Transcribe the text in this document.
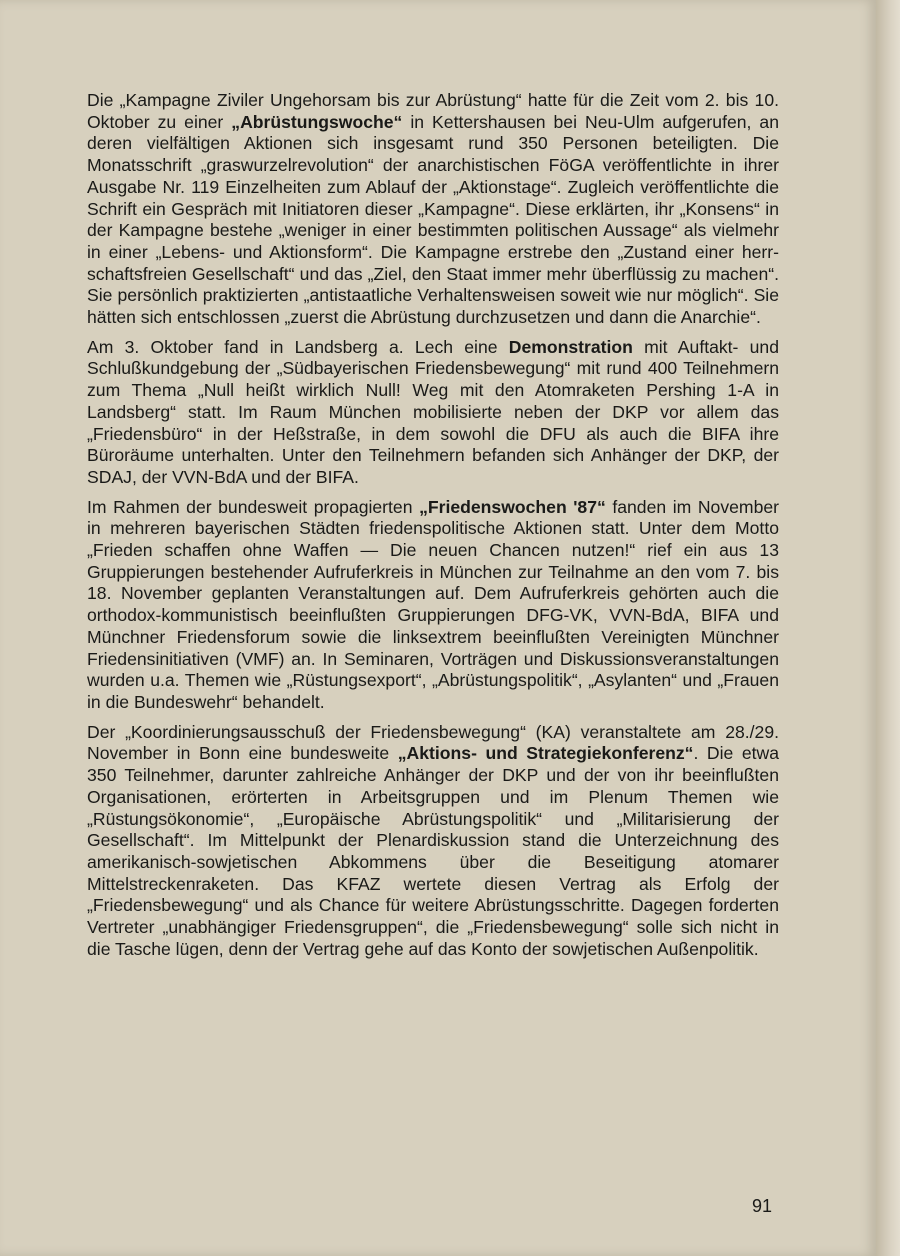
Die „Kampagne Ziviler Ungehorsam bis zur Abrüstung“ hatte für die Zeit vom 2. bis 10. Oktober zu einer „Abrüstungswoche“ in Kettershausen bei Neu-Ulm aufgerufen, an deren vielfältigen Aktionen sich insgesamt rund 350 Personen beteiligten. Die Monatsschrift „graswurzelrevolution“ der anarchistischen FöGA veröffentlichte in ihrer Ausgabe Nr. 119 Einzelheiten zum Ablauf der „Aktionstage“. Zugleich veröffentlichte die Schrift ein Gespräch mit Initiatoren dieser „Kampagne“. Diese erklärten, ihr „Konsens“ in der Kampagne bestehe „weniger in einer bestimmten politischen Aussage“ als vielmehr in einer „Lebens- und Aktionsform“. Die Kampagne erstrebe den „Zustand einer herrschaftsfreien Gesellschaft“ und das „Ziel, den Staat immer mehr überflüssig zu machen“. Sie persönlich praktizierten „antistaatliche Verhaltensweisen soweit wie nur möglich“. Sie hätten sich entschlossen „zuerst die Abrüstung durchzusetzen und dann die Anarchie“.

Am 3. Oktober fand in Landsberg a. Lech eine Demonstration mit Auftakt- und Schlußkundgebung der „Südbayerischen Friedensbewegung“ mit rund 400 Teilnehmern zum Thema „Null heißt wirklich Null! Weg mit den Atomraketen Pershing 1-A in Landsberg“ statt. Im Raum München mobilisierte neben der DKP vor allem das „Friedensbüro“ in der Heßstraße, in dem sowohl die DFU als auch die BIFA ihre Büroräume unterhalten. Unter den Teilnehmern befanden sich Anhänger der DKP, der SDAJ, der VVN-BdA und der BIFA.

Im Rahmen der bundesweit propagierten „Friedenswochen '87“ fanden im November in mehreren bayerischen Städten friedenspolitische Aktionen statt. Unter dem Motto „Frieden schaffen ohne Waffen — Die neuen Chancen nutzen!“ rief ein aus 13 Gruppierungen bestehender Aufruferkreis in München zur Teilnahme an den vom 7. bis 18. November geplanten Veranstaltungen auf. Dem Aufruferkreis gehörten auch die orthodox-kommunistisch beeinflußten Gruppierungen DFG-VK, VVN-BdA, BIFA und Münchner Friedensforum sowie die linksextrem beeinflußten Vereinigten Münchner Friedensinitiativen (VMF) an. In Seminaren, Vorträgen und Diskussionsveranstaltungen wurden u.a. Themen wie „Rüstungsexport“, „Abrüstungspolitik“, „Asylanten“ und „Frauen in die Bundeswehr“ behandelt.

Der „Koordinierungsausschuß der Friedensbewegung“ (KA) veranstaltete am 28./29. November in Bonn eine bundesweite „Aktions- und Strategiekonferenz“. Die etwa 350 Teilnehmer, darunter zahlreiche Anhänger der DKP und der von ihr beeinflußten Organisationen, erörterten in Arbeitsgruppen und im Plenum Themen wie „Rüstungsökonomie“, „Europäische Abrüstungspolitik“ und „Militarisierung der Gesellschaft“. Im Mittelpunkt der Plenardiskussion stand die Unterzeichnung des amerikanisch-sowjetischen Abkommens über die Beseitigung atomarer Mittelstreckenraketen. Das KFAZ wertete diesen Vertrag als Erfolg der „Friedensbewegung“ und als Chance für weitere Abrüstungsschritte. Dagegen forderten Vertreter „unabhängiger Friedensgruppen“, die „Friedensbewegung“ solle sich nicht in die Tasche lügen, denn der Vertrag gehe auf das Konto der sowjetischen Außenpolitik.

91
